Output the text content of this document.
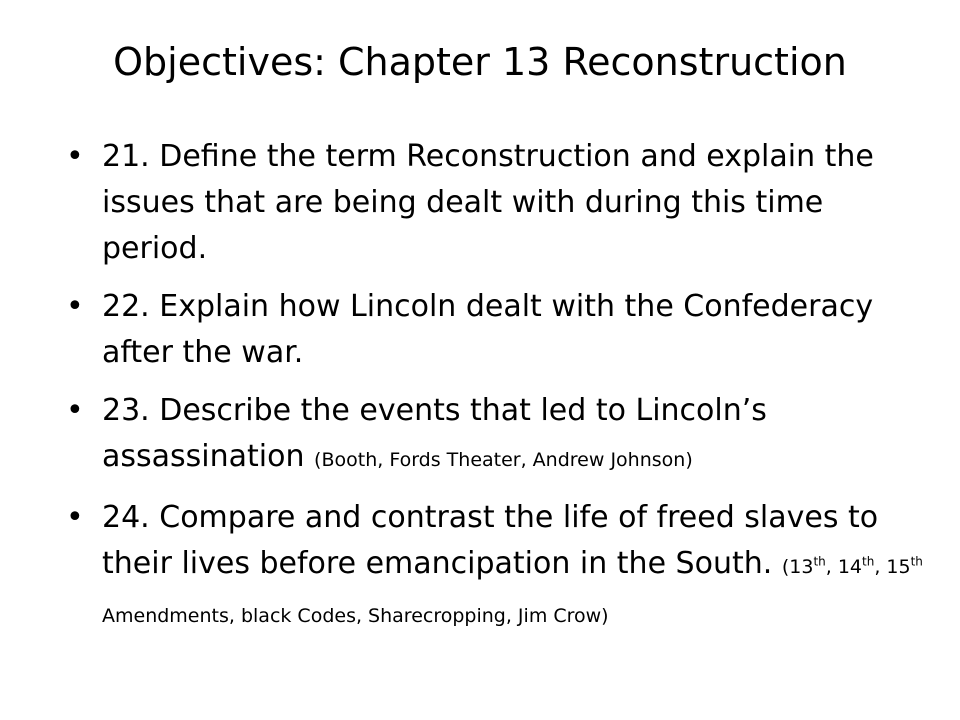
Objectives: Chapter 13 Reconstruction
• 21. Define the term Reconstruction and explain the issues that are being dealt with during this time period.
• 22. Explain how Lincoln dealt with the Confederacy after the war.
• 23. Describe the events that led to Lincoln’s assassination (Booth, Fords Theater, Andrew Johnson)
• 24. Compare and contrast the life of freed slaves to their lives before emancipation in the South. (13th, 14th, 15th Amendments, black Codes, Sharecropping, Jim Crow)
